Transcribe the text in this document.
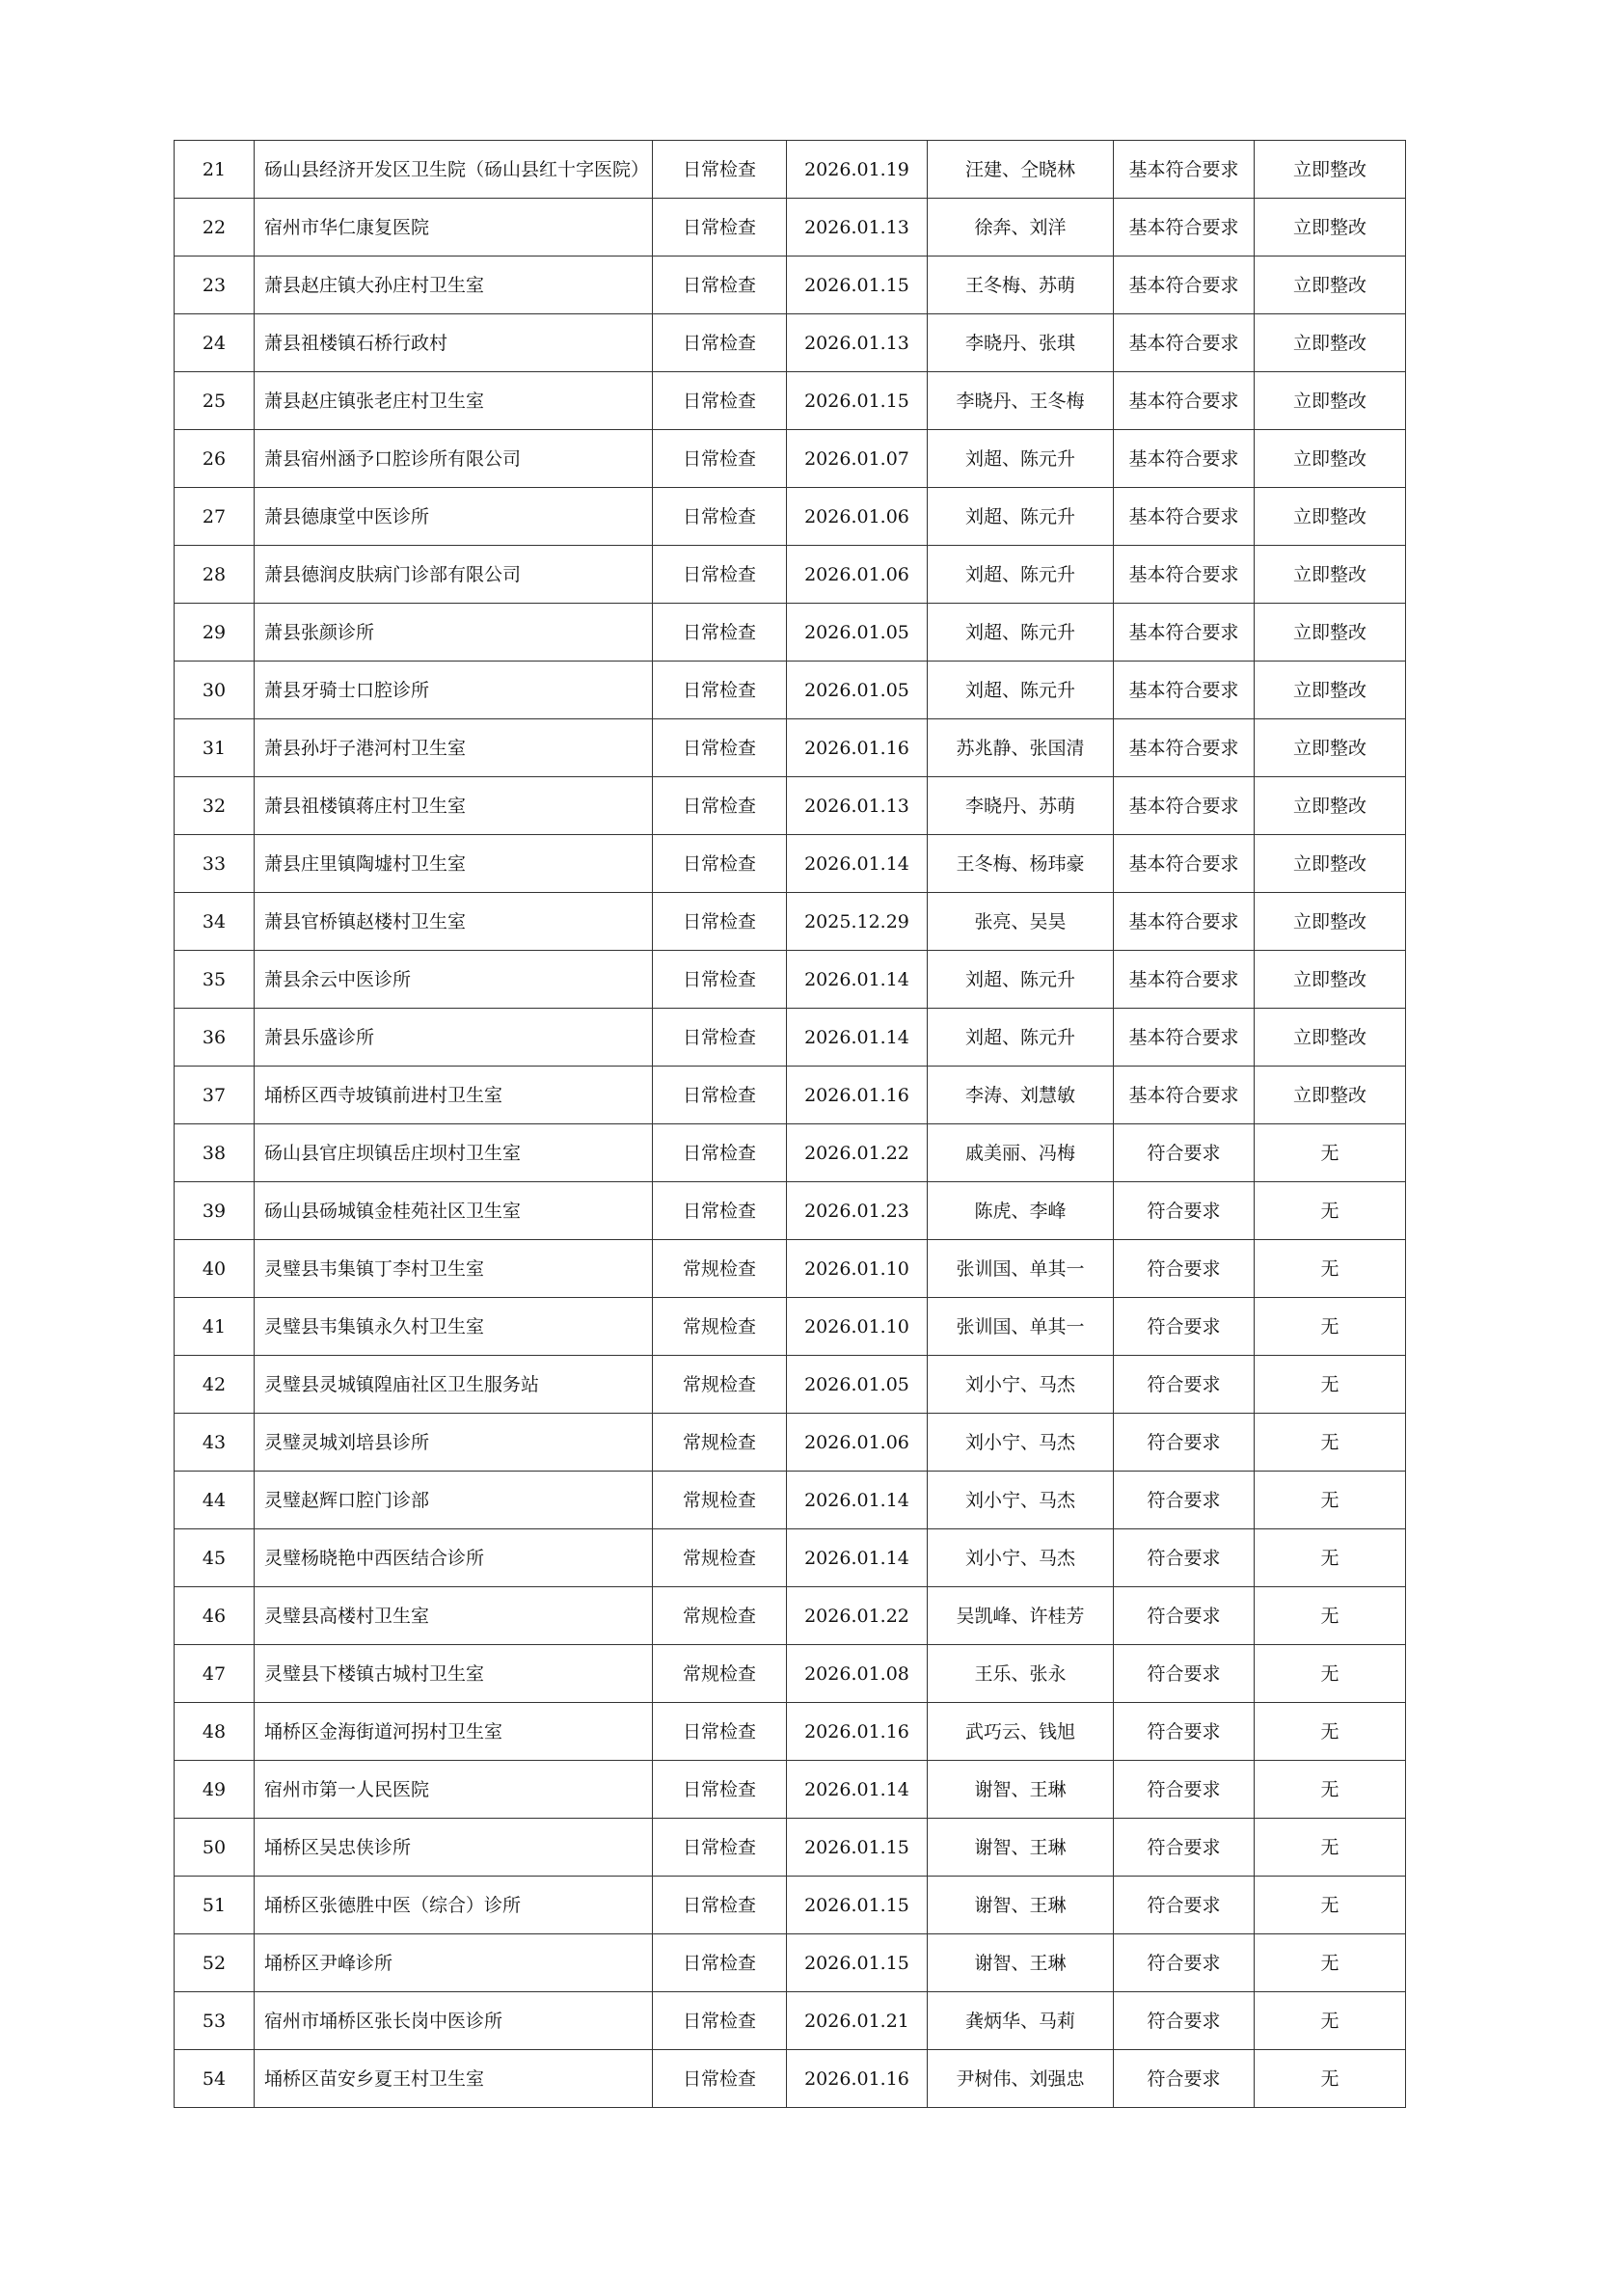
21	砀山县经济开发区卫生院（砀山县红十字医院）	日常检查	2026.01.19	汪建、仝晓林	基本符合要求	立即整改
22	宿州市华仁康复医院	日常检查	2026.01.13	徐奔、刘洋	基本符合要求	立即整改
23	萧县赵庄镇大孙庄村卫生室	日常检查	2026.01.15	王冬梅、苏萌	基本符合要求	立即整改
24	萧县祖楼镇石桥行政村	日常检查	2026.01.13	李晓丹、张琪	基本符合要求	立即整改
25	萧县赵庄镇张老庄村卫生室	日常检查	2026.01.15	李晓丹、王冬梅	基本符合要求	立即整改
26	萧县宿州涵予口腔诊所有限公司	日常检查	2026.01.07	刘超、陈元升	基本符合要求	立即整改
27	萧县德康堂中医诊所	日常检查	2026.01.06	刘超、陈元升	基本符合要求	立即整改
28	萧县德润皮肤病门诊部有限公司	日常检查	2026.01.06	刘超、陈元升	基本符合要求	立即整改
29	萧县张颜诊所	日常检查	2026.01.05	刘超、陈元升	基本符合要求	立即整改
30	萧县牙骑士口腔诊所	日常检查	2026.01.05	刘超、陈元升	基本符合要求	立即整改
31	萧县孙圩子港河村卫生室	日常检查	2026.01.16	苏兆静、张国清	基本符合要求	立即整改
32	萧县祖楼镇蒋庄村卫生室	日常检查	2026.01.13	李晓丹、苏萌	基本符合要求	立即整改
33	萧县庄里镇陶墟村卫生室	日常检查	2026.01.14	王冬梅、杨玮豪	基本符合要求	立即整改
34	萧县官桥镇赵楼村卫生室	日常检查	2025.12.29	张亮、吴昊	基本符合要求	立即整改
35	萧县余云中医诊所	日常检查	2026.01.14	刘超、陈元升	基本符合要求	立即整改
36	萧县乐盛诊所	日常检查	2026.01.14	刘超、陈元升	基本符合要求	立即整改
37	埇桥区西寺坡镇前进村卫生室	日常检查	2026.01.16	李涛、刘慧敏	基本符合要求	立即整改
38	砀山县官庄坝镇岳庄坝村卫生室	日常检查	2026.01.22	戚美丽、冯梅	符合要求	无
39	砀山县砀城镇金桂苑社区卫生室	日常检查	2026.01.23	陈虎、李峰	符合要求	无
40	灵璧县韦集镇丁李村卫生室	常规检查	2026.01.10	张训国、单其一	符合要求	无
41	灵璧县韦集镇永久村卫生室	常规检查	2026.01.10	张训国、单其一	符合要求	无
42	灵璧县灵城镇隍庙社区卫生服务站	常规检查	2026.01.05	刘小宁、马杰	符合要求	无
43	灵璧灵城刘培县诊所	常规检查	2026.01.06	刘小宁、马杰	符合要求	无
44	灵璧赵辉口腔门诊部	常规检查	2026.01.14	刘小宁、马杰	符合要求	无
45	灵璧杨晓艳中西医结合诊所	常规检查	2026.01.14	刘小宁、马杰	符合要求	无
46	灵璧县高楼村卫生室	常规检查	2026.01.22	吴凯峰、许桂芳	符合要求	无
47	灵璧县下楼镇古城村卫生室	常规检查	2026.01.08	王乐、张永	符合要求	无
48	埇桥区金海街道河拐村卫生室	日常检查	2026.01.16	武巧云、钱旭	符合要求	无
49	宿州市第一人民医院	日常检查	2026.01.14	谢智、王琳	符合要求	无
50	埇桥区吴忠侠诊所	日常检查	2026.01.15	谢智、王琳	符合要求	无
51	埇桥区张德胜中医（综合）诊所	日常检查	2026.01.15	谢智、王琳	符合要求	无
52	埇桥区尹峰诊所	日常检查	2026.01.15	谢智、王琳	符合要求	无
53	宿州市埇桥区张长岗中医诊所	日常检查	2026.01.21	龚炳华、马莉	符合要求	无
54	埇桥区苗安乡夏王村卫生室	日常检查	2026.01.16	尹树伟、刘强忠	符合要求	无
